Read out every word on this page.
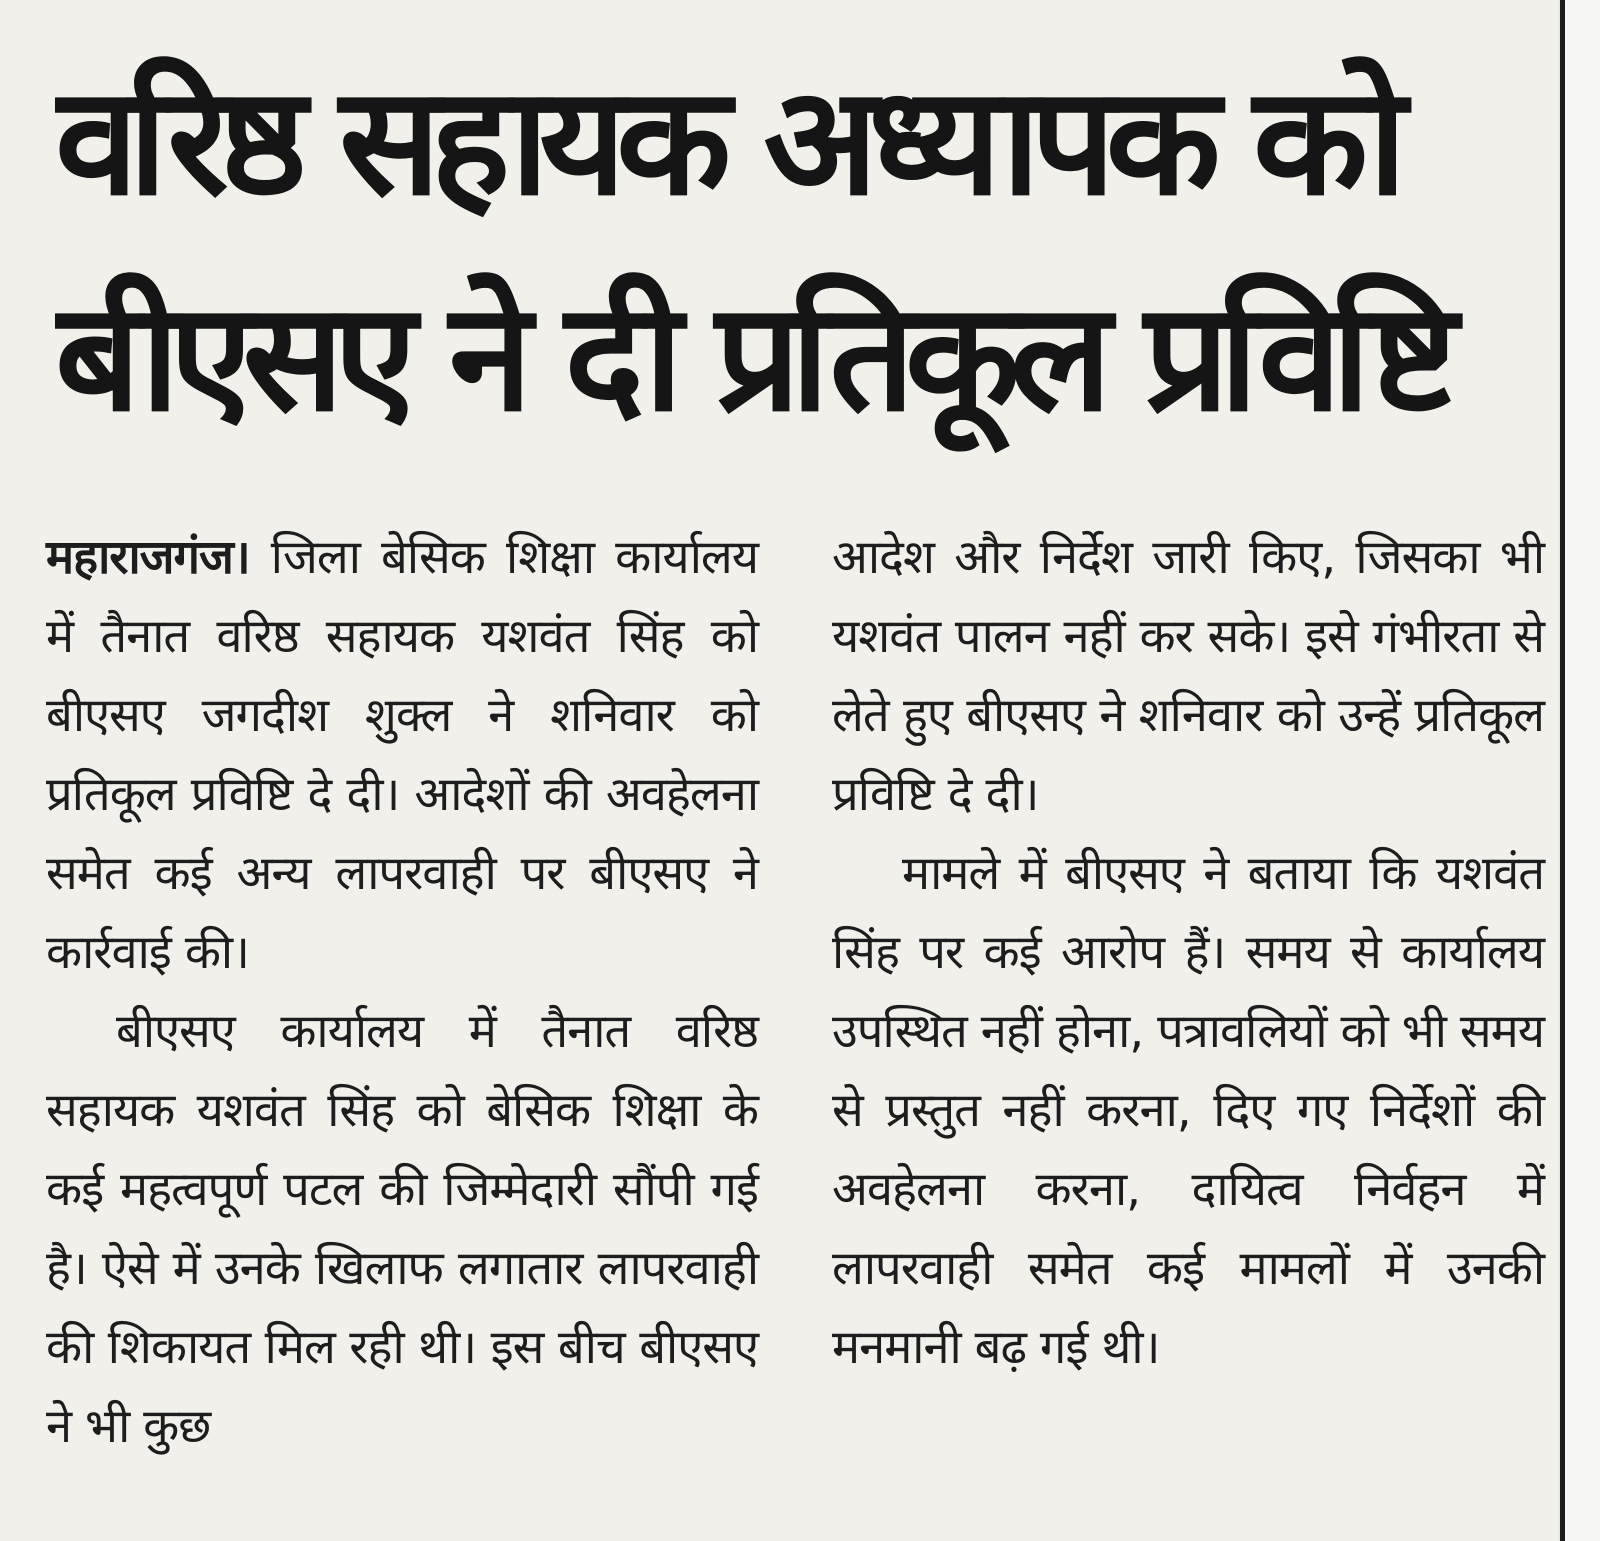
वरिष्ठ सहायक अध्यापक को
बीएसए ने दी प्रतिकूल प्रविष्टि

महाराजगंज। जिला बेसिक शिक्षा कार्यालय में तैनात वरिष्ठ सहायक यशवंत सिंह को बीएसए जगदीश शुक्ल ने शनिवार को प्रतिकूल प्रविष्टि दे दी। आदेशों की अवहेलना समेत कई अन्य लापरवाही पर बीएसए ने कार्रवाई की।

बीएसए कार्यालय में तैनात वरिष्ठ सहायक यशवंत सिंह को बेसिक शिक्षा के कई महत्वपूर्ण पटल की जिम्मेदारी सौंपी गई है। ऐसे में उनके खिलाफ लगातार लापरवाही की शिकायत मिल रही थी। इस बीच बीएसए ने भी कुछ

आदेश और निर्देश जारी किए, जिसका भी यशवंत पालन नहीं कर सके। इसे गंभीरता से लेते हुए बीएसए ने शनिवार को उन्हें प्रतिकूल प्रविष्टि दे दी।

मामले में बीएसए ने बताया कि यशवंत सिंह पर कई आरोप हैं। समय से कार्यालय उपस्थित नहीं होना, पत्रावलियों को भी समय से प्रस्तुत नहीं करना, दिए गए निर्देशों की अवहेलना करना, दायित्व निर्वहन में लापरवाही समेत कई मामलों में उनकी मनमानी बढ़ गई थी।
